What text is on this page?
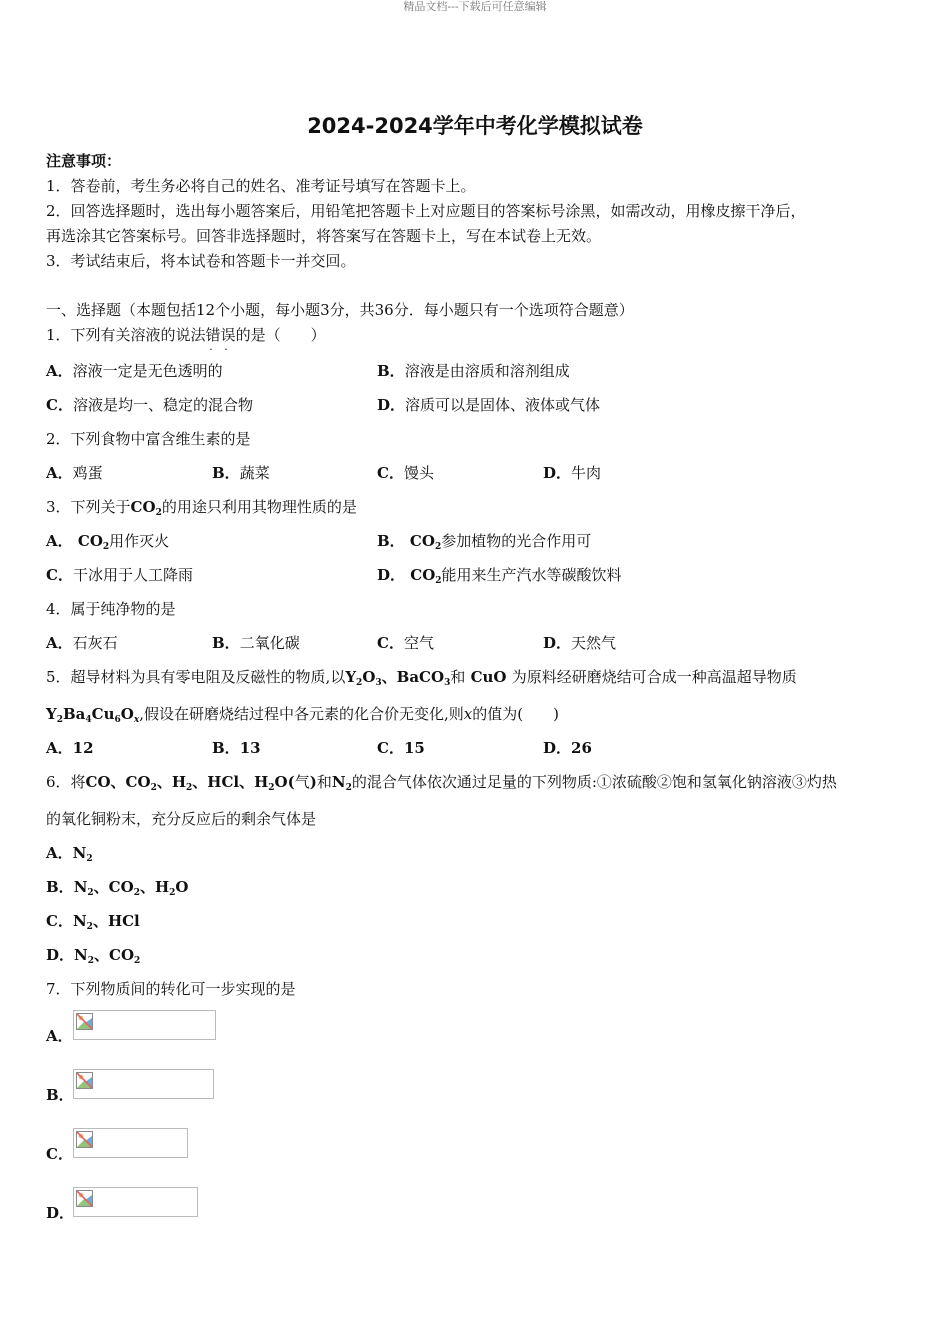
精品文档---下载后可任意编辑
2024-2024学年中考化学模拟试卷
注意事项：
1．答卷前，考生务必将自己的姓名、准考证号填写在答题卡上。
2．回答选择题时，选出每小题答案后，用铅笔把答题卡上对应题目的答案标号涂黑，如需改动，用橡皮擦干净后，
再选涂其它答案标号。回答非选择题时，将答案写在答题卡上，写在本试卷上无效。
3．考试结束后，将本试卷和答题卡一并交回。
一、选择题（本题包括12个小题，每小题3分，共36分．每小题只有一个选项符合题意）
1．下列有关溶液的说法错误 · ·的是（　　）
A．溶液一定是无色透明的	B．溶液是由溶质和溶剂组成
C．溶液是均一、稳定的混合物	D．溶质可以是固体、液体或气体
2．下列食物中富含维生素的是
A．鸡蛋	B．蔬菜	C．馒头	D．牛肉
3．下列关于$CO_2$的用途只利用其物理性质的是
A． $CO_2$用作灭火	B． $CO_2$参加植物的光合作用可
C．干冰用于人工降雨	D． $CO_2$能用来生产汽水等碳酸饮料
4．属于纯净物的是
A．石灰石	B．二氧化碳	C．空气	D．天然气
5．超导材料为具有零电阻及反磁性的物质,以$Y_2O_3$、BaCO$_3$和 CuO 为原料经研磨烧结可合成一种高温超导物质
$Y_2Ba_4Cu_6O_x$,假设在研磨烧结过程中各元素的化合价无变化,则x的值为(　　)
A．12	B．13	C．15	D．26
6．将CO、$CO_2$、$H_2$、HCl、$H_2O$(气)和$N_2$的混合气体依次通过足量的下列物质:①浓硫酸②饱和氢氧化钠溶液③灼热
的氧化铜粉末，充分反应后的剩余气体是
A．$N_2$
B．$N_2$、$CO_2$、$H_2O$
C．$N_2$、HCl
D．$N_2$、$CO_2$
7．下列物质间的转化可一步实现的是
A．
B．
C．
D．
